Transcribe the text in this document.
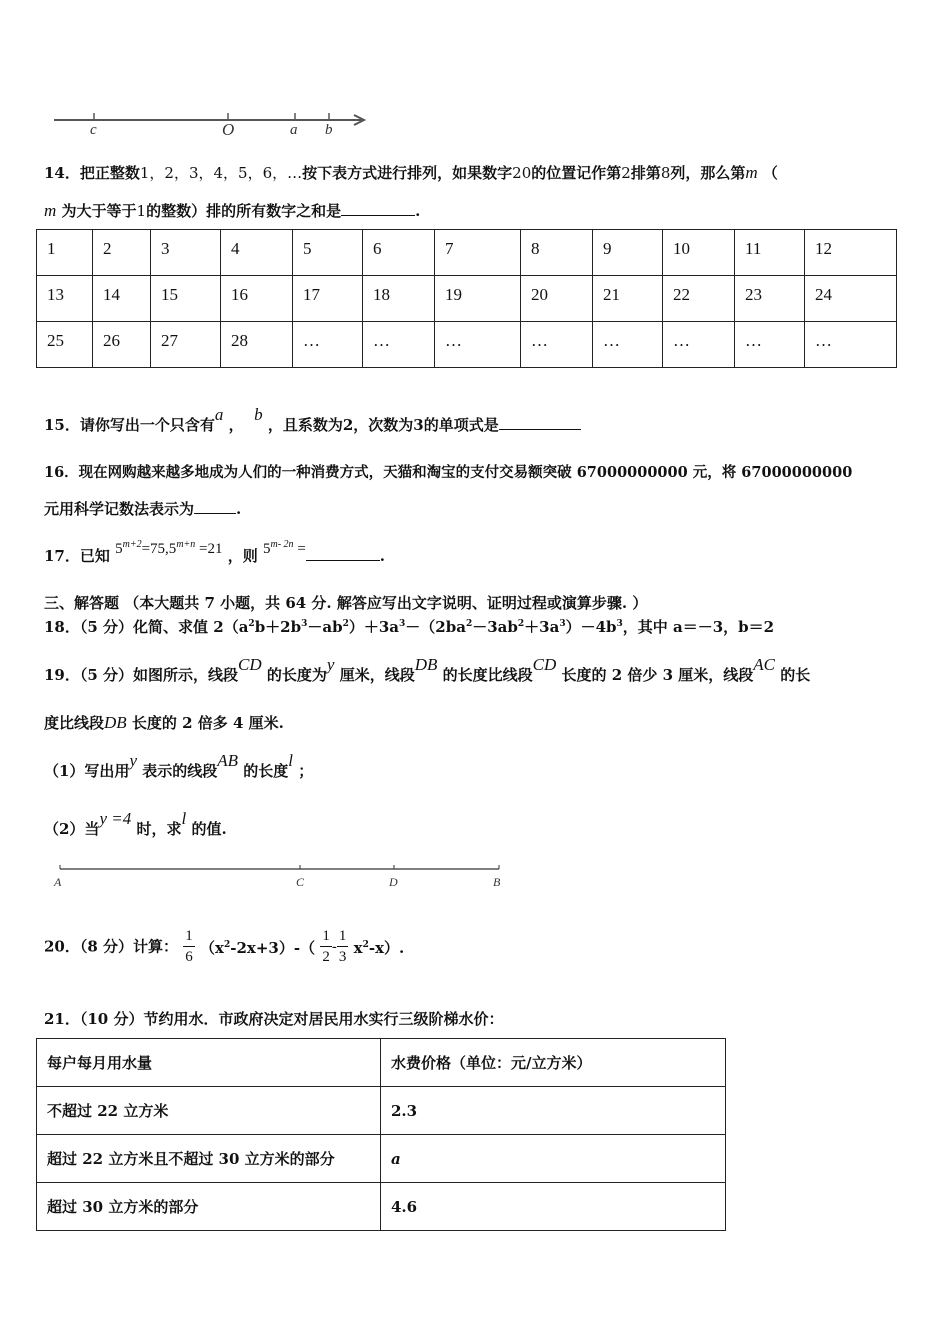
c	O	a b
14．把正整数1，2，3，4，5，6，…按下表方式进行排列，如果数字20的位置记作第2排第8列，那么第m （
m 为大于等于1的整数）排的所有数字之和是	.
1	2	3	4	5	6	7	8	9	10	11	12
13	14	15	16	17	18	19	20	21	22	23	24
25	26	27	28	…	…	…	…	…	…	…	…
15．请你写出一个只含有a ，  b ，且系数为2，次数为3的单项式是
16．现在网购越来越多地成为人们的一种消费方式，天猫和淘宝的支付交易额突破 67000000000 元，将 67000000000
元用科学记数法表示为	.
17．已知 $5^{m+2}=75,5^{m+n} =21$ ，则 $5^{m- 2n}$ =	.
三、解答题 （本大题共 7 小题，共 64 分. 解答应写出文字说明、证明过程或演算步骤. ）
18．（5 分）化简、求值 $2(a^2b+2b^3-ab^2)+3a^3-(2ba^2-3ab^2+3a^3)-4b^3$，其中 a＝－3，b＝2
19．（5 分）如图所示，线段CD 的长度为y 厘米，线段DB 的长度比线段CD 长度的 2 倍少 3 厘米，线段AC 的长
度比线段DB 长度的 2 倍多 4 厘米.
（1）写出用y 表示的线段AB 的长度l ；
（2）当y =4 时，求l 的值.
A	C	D	B
20．（8 分）计算： $\frac{1}{6} (x^2-2x+3)-( \frac{1}{2} - \frac{1}{3} x^2-x)$.
21．（10 分）节约用水．市政府决定对居民用水实行三级阶梯水价：
每户每月用水量	水费价格（单位：元/立方米）
不超过 22 立方米	2.3
超过 22 立方米且不超过 30 立方米的部分	a
超过 30 立方米的部分	4.6
